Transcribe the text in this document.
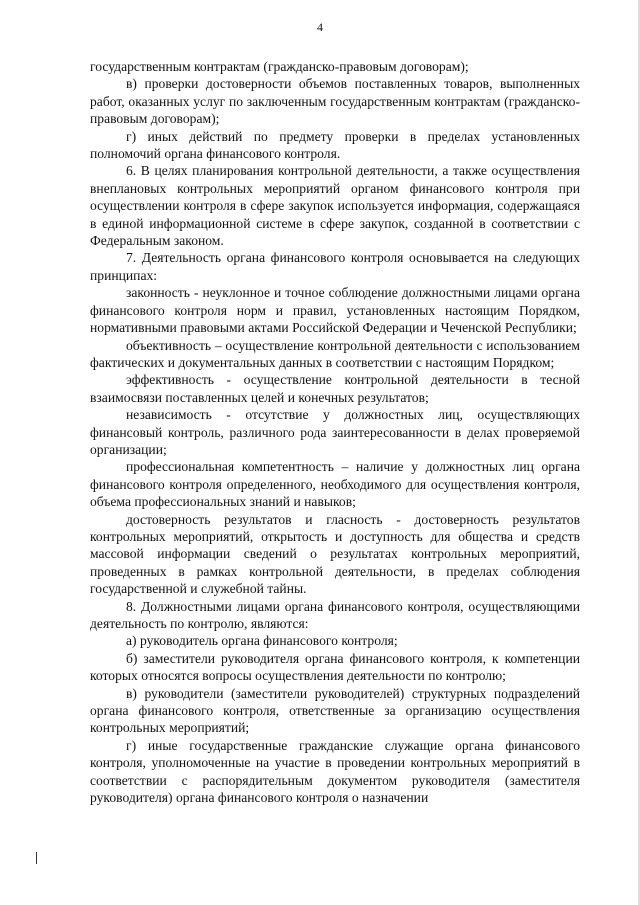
4

государственным контрактам (гражданско-правовым договорам);

в) проверки достоверности объемов поставленных товаров, выполненных работ, оказанных услуг по заключенным государственным контрактам (гражданско-правовым договорам);

г) иных действий по предмету проверки в пределах установленных полномочий органа финансового контроля.

6. В целях планирования контрольной деятельности, а также осуществления внеплановых контрольных мероприятий органом финансового контроля при осуществлении контроля в сфере закупок используется информация, содержащаяся в единой информационной системе в сфере закупок, созданной в соответствии с Федеральным законом.

7. Деятельность органа финансового контроля основывается на следующих принципах:

законность - неуклонное и точное соблюдение должностными лицами органа финансового контроля норм и правил, установленных настоящим Порядком, нормативными правовыми актами Российской Федерации и Чеченской Республики;

объективность – осуществление контрольной деятельности с использованием фактических и документальных данных в соответствии с настоящим Порядком;

эффективность - осуществление контрольной деятельности в тесной взаимосвязи поставленных целей и конечных результатов;

независимость - отсутствие у должностных лиц, осуществляющих финансовый контроль, различного рода заинтересованности в делах проверяемой организации;

профессиональная компетентность – наличие у должностных лиц органа финансового контроля определенного, необходимого для осуществления контроля, объема профессиональных знаний и навыков;

достоверность результатов и гласность - достоверность результатов контрольных мероприятий, открытость и доступность для общества и средств массовой информации сведений о результатах контрольных мероприятий, проведенных в рамках контрольной деятельности, в пределах соблюдения государственной и служебной тайны.

8. Должностными лицами органа финансового контроля, осуществляющими деятельность по контролю, являются:

а) руководитель органа финансового контроля;

б) заместители руководителя органа финансового контроля, к компетенции которых относятся вопросы осуществления деятельности по контролю;

в) руководители (заместители руководителей) структурных подразделений органа финансового контроля, ответственные за организацию осуществления контрольных мероприятий;

г) иные государственные гражданские служащие органа финансового контроля, уполномоченные на участие в проведении контрольных мероприятий в соответствии с распорядительным документом руководителя (заместителя руководителя) органа финансового контроля о назначении
